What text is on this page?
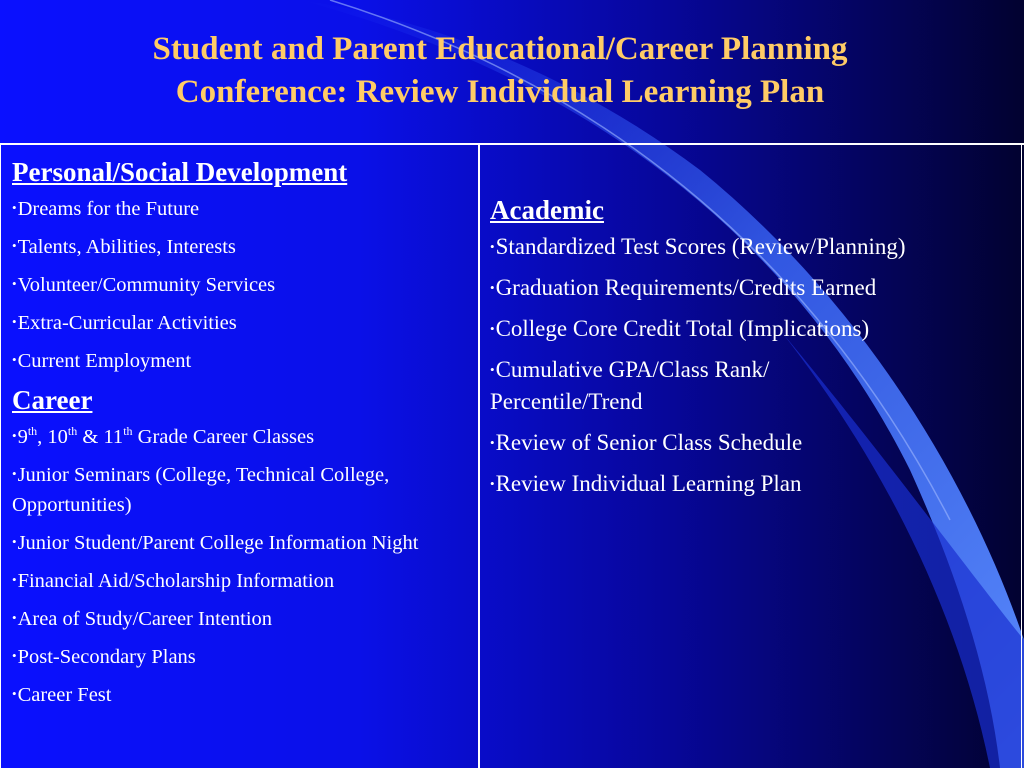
Student and Parent Educational/Career Planning
Conference: Review Individual Learning Plan
Personal/Social Development
•Dreams for the Future
•Talents, Abilities, Interests
•Volunteer/Community Services
•Extra-Curricular Activities
•Current Employment
Career
•9th, 10th & 11th Grade Career Classes
•Junior Seminars (College, Technical College, Opportunities)
•Junior Student/Parent College Information Night
•Financial Aid/Scholarship Information
•Area of Study/Career Intention
•Post-Secondary Plans
•Career Fest
Academic
•Standardized Test Scores (Review/Planning)
•Graduation Requirements/Credits Earned
•College Core Credit Total (Implications)
•Cumulative GPA/Class Rank/ Percentile/Trend
•Review of Senior Class Schedule
•Review Individual Learning Plan
